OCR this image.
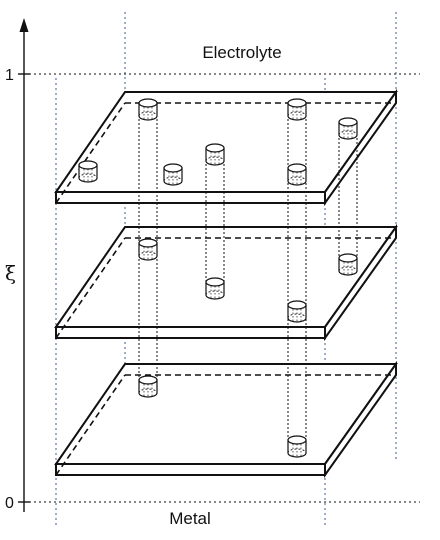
1
0
ξ
Electrolyte
Metal
